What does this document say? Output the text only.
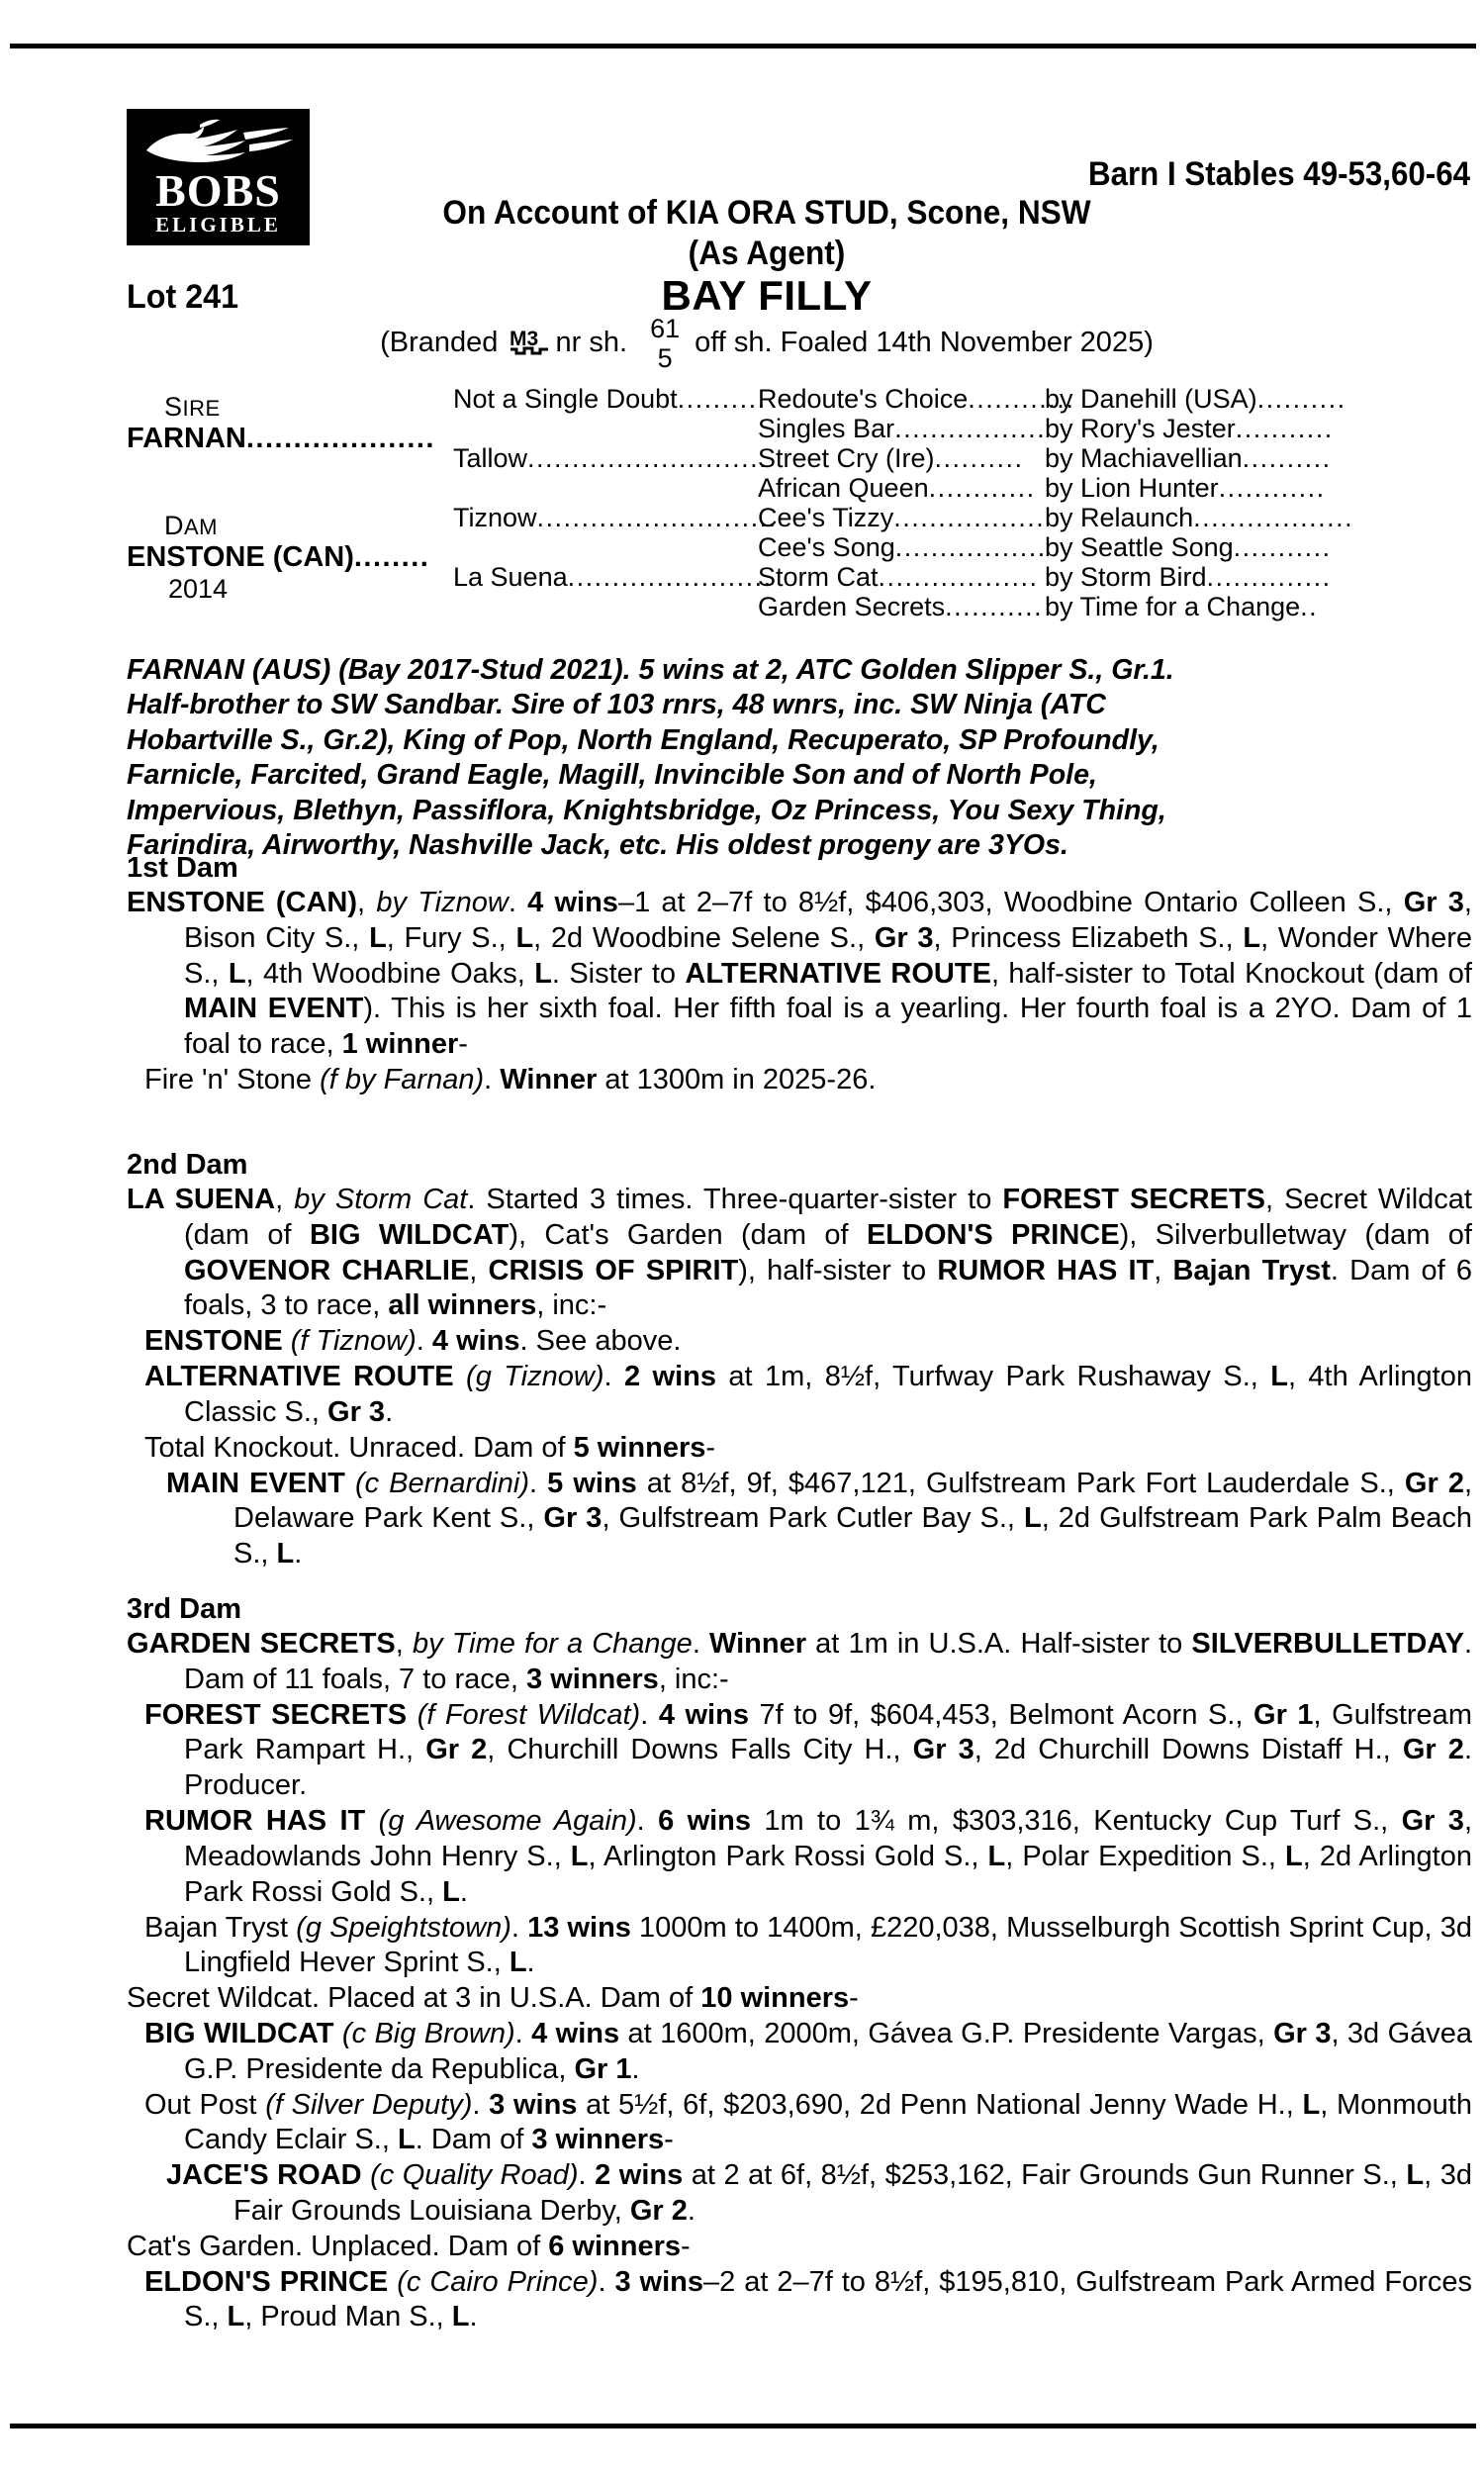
BOBS
ELIGIBLE
Barn I Stables 49-53,60-64
On Account of KIA ORA STUD, Scone, NSW
(As Agent)
Lot 241	BAY FILLY
(Branded M3 nr sh. 61
5 off sh. Foaled 14th November 2025)
SIRE
FARNAN....................
DAM
ENSTONE (CAN)........
2014
Not a Single Doubt..........
Tallow...........................
Tiznow...........................
La Suena.......................
Redoute's Choice............
Singles Bar.................
Street Cry (Ire)..........
African Queen............
Cee's Tizzy.................
Cee's Song.................
Storm Cat..................
Garden Secrets...........
by Danehill (USA)..........
by Rory's Jester...........
by Machiavellian..........
by Lion Hunter............
by Relaunch..................
by Seattle Song...........
by Storm Bird..............
by Time for a Change..
FARNAN (AUS) (Bay 2017-Stud 2021). 5 wins at 2, ATC Golden Slipper S., Gr.1.
Half-brother to SW Sandbar. Sire of 103 rnrs, 48 wnrs, inc. SW Ninja (ATC
Hobartville S., Gr.2), King of Pop, North England, Recuperato, SP Profoundly,
Farnicle, Farcited, Grand Eagle, Magill, Invincible Son and of North Pole,
Impervious, Blethyn, Passiflora, Knightsbridge, Oz Princess, You Sexy Thing,
Farindira, Airworthy, Nashville Jack, etc. His oldest progeny are 3YOs.
1st Dam
ENSTONE (CAN), by Tiznow. 4 wins–1 at 2–7f to 8½f, $406,303, Woodbine Ontario Colleen S., Gr 3, Bison City S., L, Fury S., L, 2d Woodbine Selene S., Gr 3, Princess Elizabeth S., L, Wonder Where S., L, 4th Woodbine Oaks, L. Sister to ALTERNATIVE ROUTE, half-sister to Total Knockout (dam of MAIN EVENT). This is her sixth foal. Her fifth foal is a yearling. Her fourth foal is a 2YO. Dam of 1 foal to race, 1 winner-
Fire 'n' Stone (f by Farnan). Winner at 1300m in 2025-26.
2nd Dam
LA SUENA, by Storm Cat. Started 3 times. Three-quarter-sister to FOREST SECRETS, Secret Wildcat (dam of BIG WILDCAT), Cat's Garden (dam of ELDON'S PRINCE), Silverbulletway (dam of GOVENOR CHARLIE, CRISIS OF SPIRIT), half-sister to RUMOR HAS IT, Bajan Tryst. Dam of 6 foals, 3 to race, all winners, inc:-
ENSTONE (f Tiznow). 4 wins. See above.
ALTERNATIVE ROUTE (g Tiznow). 2 wins at 1m, 8½f, Turfway Park Rushaway S., L, 4th Arlington Classic S., Gr 3.
Total Knockout. Unraced. Dam of 5 winners-
MAIN EVENT (c Bernardini). 5 wins at 8½f, 9f, $467,121, Gulfstream Park Fort Lauderdale S., Gr 2, Delaware Park Kent S., Gr 3, Gulfstream Park Cutler Bay S., L, 2d Gulfstream Park Palm Beach S., L.
3rd Dam
GARDEN SECRETS, by Time for a Change. Winner at 1m in U.S.A. Half-sister to SILVERBULLETDAY. Dam of 11 foals, 7 to race, 3 winners, inc:-
FOREST SECRETS (f Forest Wildcat). 4 wins 7f to 9f, $604,453, Belmont Acorn S., Gr 1, Gulfstream Park Rampart H., Gr 2, Churchill Downs Falls City H., Gr 3, 2d Churchill Downs Distaff H., Gr 2. Producer.
RUMOR HAS IT (g Awesome Again). 6 wins 1m to 1¾ m, $303,316, Kentucky Cup Turf S., Gr 3, Meadowlands John Henry S., L, Arlington Park Rossi Gold S., L, Polar Expedition S., L, 2d Arlington Park Rossi Gold S., L.
Bajan Tryst (g Speightstown). 13 wins 1000m to 1400m, £220,038, Musselburgh Scottish Sprint Cup, 3d Lingfield Hever Sprint S., L.
Secret Wildcat. Placed at 3 in U.S.A. Dam of 10 winners-
BIG WILDCAT (c Big Brown). 4 wins at 1600m, 2000m, Gávea G.P. Presidente Vargas, Gr 3, 3d Gávea G.P. Presidente da Republica, Gr 1.
Out Post (f Silver Deputy). 3 wins at 5½f, 6f, $203,690, 2d Penn National Jenny Wade H., L, Monmouth Candy Eclair S., L. Dam of 3 winners-
JACE'S ROAD (c Quality Road). 2 wins at 2 at 6f, 8½f, $253,162, Fair Grounds Gun Runner S., L, 3d Fair Grounds Louisiana Derby, Gr 2.
Cat's Garden. Unplaced. Dam of 6 winners-
ELDON'S PRINCE (c Cairo Prince). 3 wins–2 at 2–7f to 8½f, $195,810, Gulfstream Park Armed Forces S., L, Proud Man S., L.
